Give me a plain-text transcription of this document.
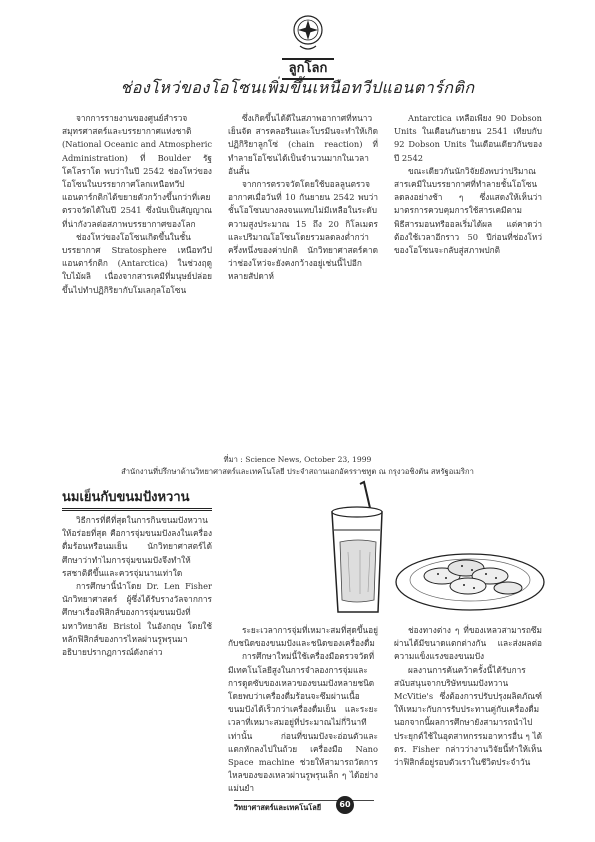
ลูกโลก
ช่องโหว่ของโอโซนเพิ่มขึ้นเหนือทวีปแอนตาร์กติก

จากการรายงานของศูนย์สำรวจสมุทรศาสตร์และบรรยากาศแห่งชาติ (National Oceanic and Atmospheric Administration) ที่ Boulder รัฐโคโลราโด พบว่าในปี 2542 ช่องโหว่ของโอโซนในบรรยากาศโลกเหนือทวีปแอนตาร์กติกได้ขยายตัวกว้างขึ้นกว่าที่เคยตรวจวัดได้ในปี 2541 ซึ่งนับเป็นสัญญาณที่น่ากังวลต่อสภาพบรรยากาศของโลก

ช่องโหว่ของโอโซนเกิดขึ้นในชั้นบรรยากาศ Stratosphere เหนือทวีปแอนตาร์กติก (Antarctica) ในช่วงฤดูใบไม้ผลิ เนื่องจากสารเคมีที่มนุษย์ปล่อยขึ้นไปทำปฏิกิริยากับโมเลกุลโอโซน

ซึ่งเกิดขึ้นได้ดีในสภาพอากาศที่หนาวเย็นจัด สารคลอรีนและโบรมีนจะทำให้เกิดปฏิกิริยาลูกโซ่ (chain reaction) ที่ทำลายโอโซนได้เป็นจำนวนมากในเวลาอันสั้น

จากการตรวจวัดโดยใช้บอลลูนตรวจอากาศเมื่อวันที่ 10 กันยายน 2542 พบว่าชั้นโอโซนบางลงจนแทบไม่มีเหลือในระดับความสูงประมาณ 15 ถึง 20 กิโลเมตร และปริมาณโอโซนโดยรวมลดลงต่ำกว่าครึ่งหนึ่งของค่าปกติ นักวิทยาศาสตร์คาดว่าช่องโหว่จะยังคงกว้างอยู่เช่นนี้ไปอีกหลายสัปดาห์

Antarctica เหลือเพียง 90 Dobson Units ในเดือนกันยายน 2541 เทียบกับ 92 Dobson Units ในเดือนเดียวกันของปี 2542

ขณะเดียวกันนักวิจัยยังพบว่าปริมาณสารเคมีในบรรยากาศที่ทำลายชั้นโอโซนลดลงอย่างช้า ๆ ซึ่งแสดงให้เห็นว่ามาตรการควบคุมการใช้สารเคมีตามพิธีสารมอนทรีออลเริ่มได้ผล แต่คาดว่าต้องใช้เวลาอีกราว 50 ปีก่อนที่ช่องโหว่ของโอโซนจะกลับสู่สภาพปกติ

ที่มา : Science News, October 23, 1999
สำนักงานที่ปรึกษาด้านวิทยาศาสตร์และเทคโนโลยี ประจำสถานเอกอัครราชทูต ณ กรุงวอชิงตัน สหรัฐอเมริกา
นมเย็นกับขนมปังหวาน

วิธีการที่ดีที่สุดในการกินขนมปังหวานให้อร่อยที่สุด คือการจุ่มขนมปังลงในเครื่องดื่มร้อนหรือนมเย็น นักวิทยาศาสตร์ได้ศึกษาว่าทำไมการจุ่มขนมปังจึงทำให้รสชาติดีขึ้นและควรจุ่มนานเท่าใด

การศึกษานี้นำโดย Dr. Len Fisher นักวิทยาศาสตร์ ผู้ซึ่งได้รับรางวัลจากการศึกษาเรื่องฟิสิกส์ของการจุ่มขนมปังที่มหาวิทยาลัย Bristol ในอังกฤษ โดยใช้หลักฟิสิกส์ของการไหลผ่านรูพรุนมาอธิบายปรากฏการณ์ดังกล่าว

ระยะเวลาการจุ่มที่เหมาะสมที่สุดขึ้นอยู่กับชนิดของขนมปังและชนิดของเครื่องดื่ม

การศึกษาใหม่นี้ใช้เครื่องมือตรวจวัดที่มีเทคโนโลยีสูงในการจำลองการจุ่มและการดูดซับของเหลวของขนมปังหลายชนิด โดยพบว่าเครื่องดื่มร้อนจะซึมผ่านเนื้อขนมปังได้เร็วกว่าเครื่องดื่มเย็น และระยะเวลาที่เหมาะสมอยู่ที่ประมาณไม่กี่วินาทีเท่านั้น ก่อนที่ขนมปังจะอ่อนตัวและแตกหักลงไปในถ้วย เครื่องมือ Nano Space machine ช่วยให้สามารถวัดการไหลของของเหลวผ่านรูพรุนเล็ก ๆ ได้อย่างแม่นยำ

ช่องทางต่าง ๆ ที่ของเหลวสามารถซึมผ่านได้มีขนาดแตกต่างกัน และส่งผลต่อความแข็งแรงของขนมปัง

ผลงานการค้นคว้าครั้งนี้ได้รับการสนับสนุนจากบริษัทขนมปังหวาน McVitie's ซึ่งต้องการปรับปรุงผลิตภัณฑ์ให้เหมาะกับการรับประทานคู่กับเครื่องดื่ม นอกจากนี้ผลการศึกษายังสามารถนำไปประยุกต์ใช้ในอุตสาหกรรมอาหารอื่น ๆ ได้ ดร. Fisher กล่าวว่างานวิจัยนี้ทำให้เห็นว่าฟิสิกส์อยู่รอบตัวเราในชีวิตประจำวัน

วิทยาศาสตร์และเทคโนโลยี	60
